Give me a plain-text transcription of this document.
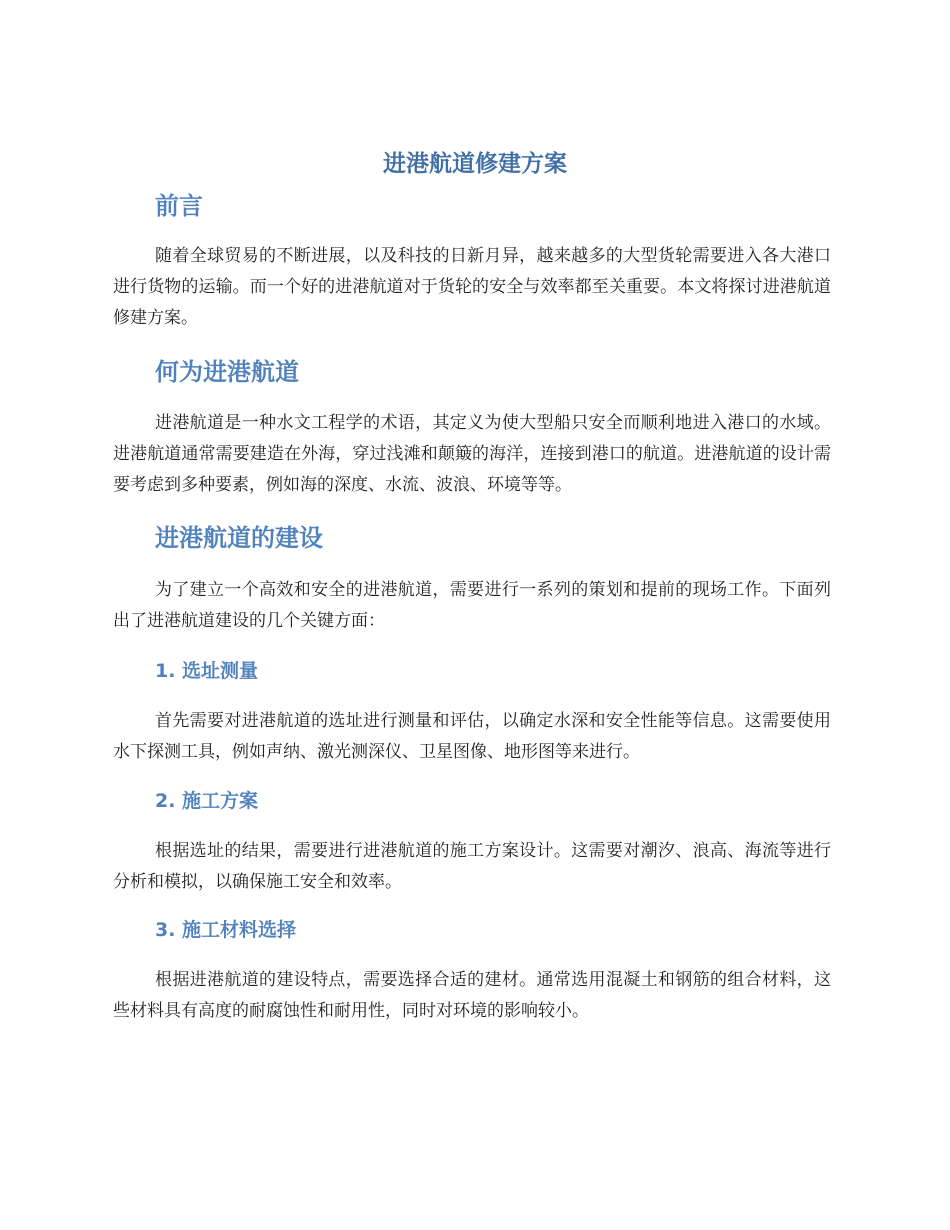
进港航道修建方案
前言

随着全球贸易的不断进展，以及科技的日新月异，越来越多的大型货轮需要进入各大港口进行货物的运输。而一个好的进港航道对于货轮的安全与效率都至关重要。本文将探讨进港航道修建方案。

何为进港航道

进港航道是一种水文工程学的术语，其定义为使大型船只安全而顺利地进入港口的水域。进港航道通常需要建造在外海，穿过浅滩和颠簸的海洋，连接到港口的航道。进港航道的设计需要考虑到多种要素，例如海的深度、水流、波浪、环境等等。

进港航道的建设

为了建立一个高效和安全的进港航道，需要进行一系列的策划和提前的现场工作。下面列出了进港航道建设的几个关键方面：

1. 选址测量

首先需要对进港航道的选址进行测量和评估，以确定水深和安全性能等信息。这需要使用水下探测工具，例如声纳、激光测深仪、卫星图像、地形图等来进行。

2. 施工方案

根据选址的结果，需要进行进港航道的施工方案设计。这需要对潮汐、浪高、海流等进行分析和模拟，以确保施工安全和效率。

3. 施工材料选择

根据进港航道的建设特点，需要选择合适的建材。通常选用混凝土和钢筋的组合材料，这些材料具有高度的耐腐蚀性和耐用性，同时对环境的影响较小。
